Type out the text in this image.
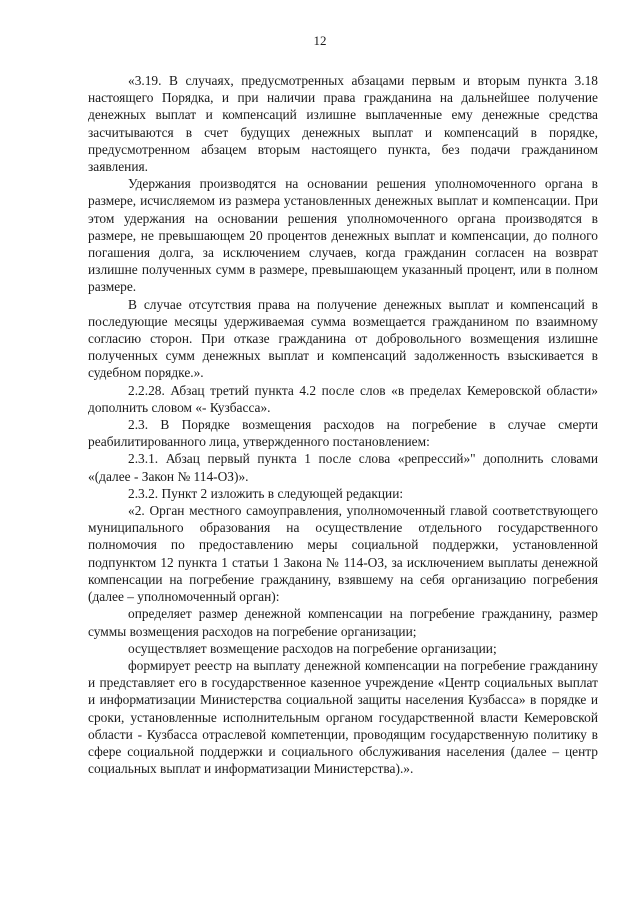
12

«3.19. В случаях, предусмотренных абзацами первым и вторым пункта 3.18 настоящего Порядка, и при наличии права гражданина на дальнейшее получение денежных выплат и компенсаций излишне выплаченные ему денежные средства засчитываются в счет будущих денежных выплат и компенсаций в порядке, предусмотренном абзацем вторым настоящего пункта, без подачи гражданином заявления.

Удержания производятся на основании решения уполномоченного органа в размере, исчисляемом из размера установленных денежных выплат и компенсации. При этом удержания на основании решения уполномоченного органа производятся в размере, не превышающем 20 процентов денежных выплат и компенсации, до полного погашения долга, за исключением случаев, когда гражданин согласен на возврат излишне полученных сумм в размере, превышающем указанный процент, или в полном размере.

В случае отсутствия права на получение денежных выплат и компенсаций в последующие месяцы удерживаемая сумма возмещается гражданином по взаимному согласию сторон. При отказе гражданина от добровольного возмещения излишне полученных сумм денежных выплат и компенсаций задолженность взыскивается в судебном порядке.».

2.2.28. Абзац третий пункта 4.2 после слов «в пределах Кемеровской области» дополнить словом «- Кузбасса».

2.3. В Порядке возмещения расходов на погребение в случае смерти реабилитированного лица, утвержденного постановлением:

2.3.1. Абзац первый пункта 1 после слова «репрессий»" дополнить словами «(далее - Закон № 114-ОЗ)».

2.3.2. Пункт 2 изложить в следующей редакции:

«2. Орган местного самоуправления, уполномоченный главой соответствующего муниципального образования на осуществление отдельного государственного полномочия по предоставлению меры социальной поддержки, установленной подпунктом 12 пункта 1 статьи 1 Закона № 114-ОЗ, за исключением выплаты денежной компенсации на погребение гражданину, взявшему на себя организацию погребения (далее – уполномоченный орган):

определяет размер денежной компенсации на погребение гражданину, размер суммы возмещения расходов на погребение организации;

осуществляет возмещение расходов на погребение организации;

формирует реестр на выплату денежной компенсации на погребение гражданину и представляет его в государственное казенное учреждение «Центр социальных выплат и информатизации Министерства социальной защиты населения Кузбасса» в порядке и сроки, установленные исполнительным органом государственной власти Кемеровской области - Кузбасса отраслевой компетенции, проводящим государственную политику в сфере социальной поддержки и социального обслуживания населения (далее – центр социальных выплат и информатизации Министерства).».
